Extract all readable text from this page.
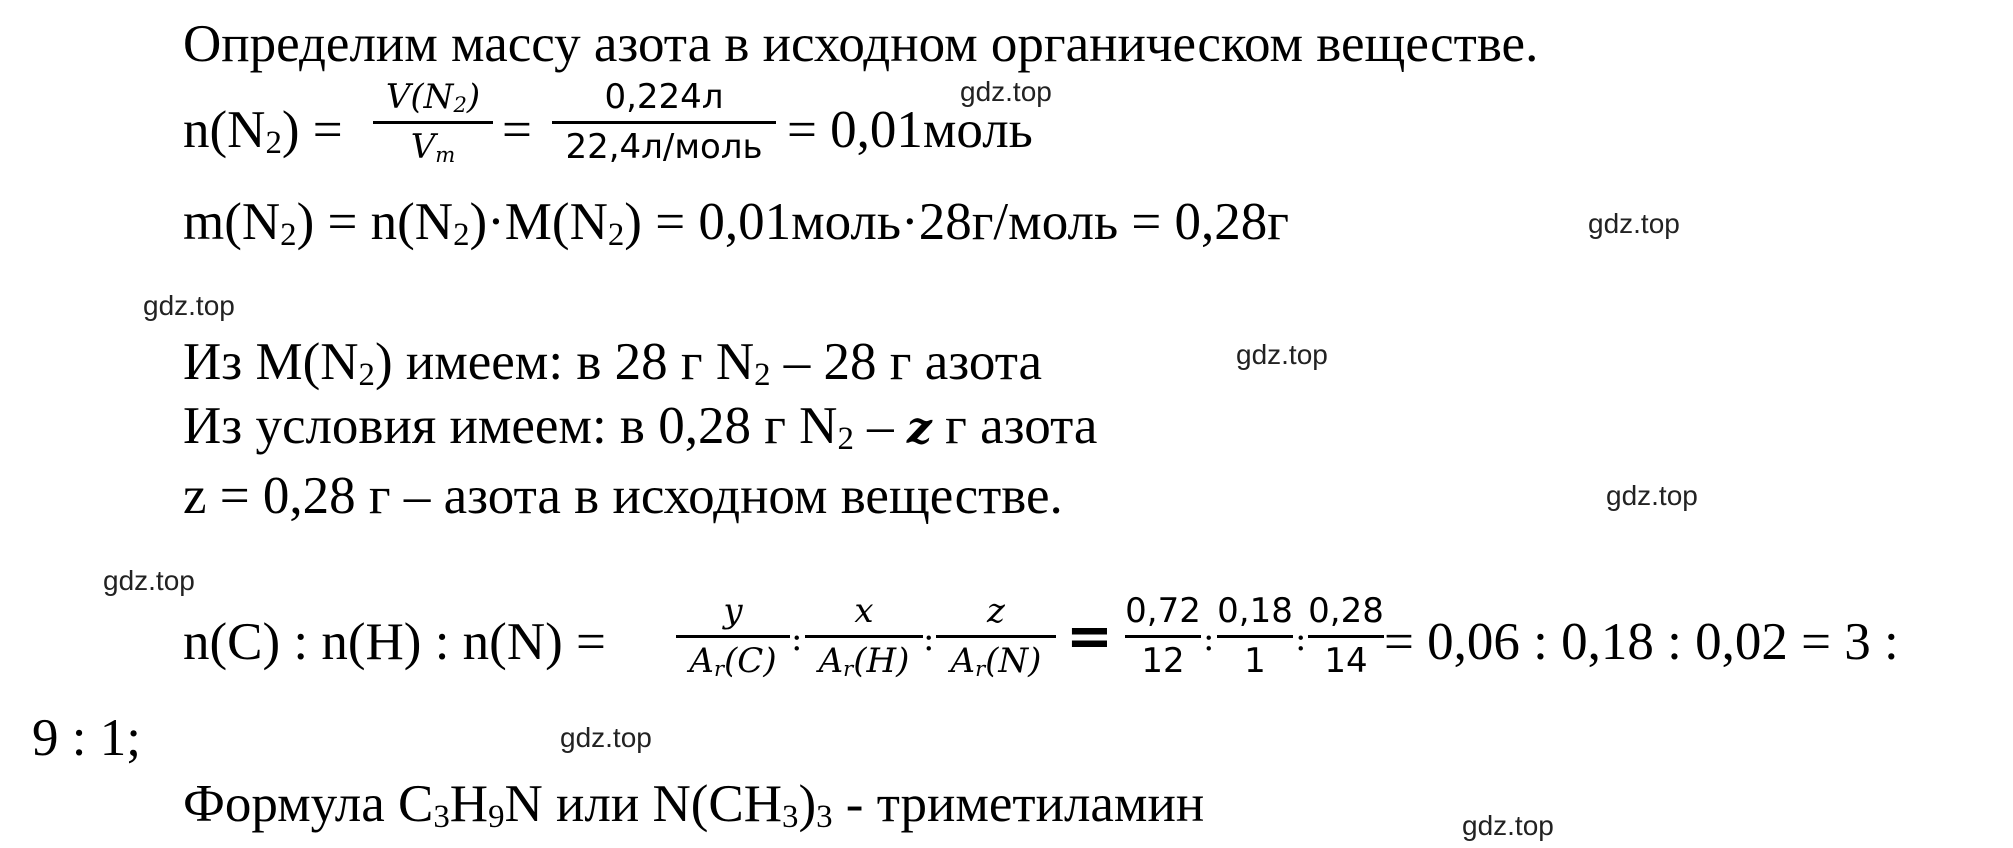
Определим массу азота в исходном органическом веществе.
$n(N_2)$ =
$V(N_2)$
$V_m$ =
0,224л
22,4л/моль = 0,01моль
$m(N_2) = n(N_2)\cdot M(N_2)$ = 0,01моль·28г/моль = 0,28г
Из $M(N_2)$ имеем: в 28 г $N_2 - 28$ г азота
Из условия имеем: в 0,28 г $N_2$ – z г азота
z = 0,28 г – азота в исходном веществе.
n(C) : n(H) : n(N) =
y
$A_r(C)$
:
x
$A_r(H)$
:
z
$A_r(N) = 0,72$
12
:
0,18
1
:
0,28
14 = 0,06 : 0,18 : 0,02 = 3 :
9 : 1;
Формула $C_3H_9N$ или $N(CH_3)_3$ - триметиламин
gdz.top
gdz.top
gdz.top
gdz.top
gdz.top
gdz.top
gdz.top
gdz.top
